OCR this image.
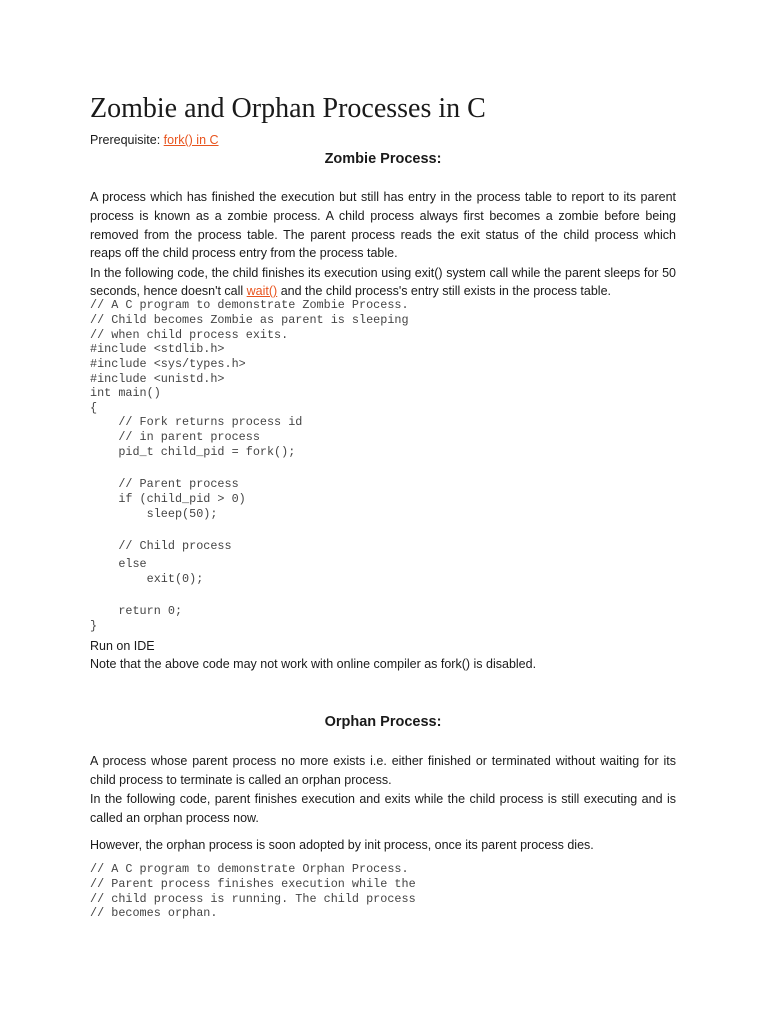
Zombie and Orphan Processes in C
Prerequisite: fork() in C
Zombie Process:

A process which has finished the execution but still has entry in the process table to report to its parent process is known as a zombie process. A child process always first becomes a zombie before being removed from the process table. The parent process reads the exit status of the child process which reaps off the child process entry from the process table.

In the following code, the child finishes its execution using exit() system call while the parent sleeps for 50 seconds, hence doesn't call wait() and the child process's entry still exists in the process table.

// A C program to demonstrate Zombie Process.

// Child becomes Zombie as parent is sleeping

// when child process exits.

#include <stdlib.h>

#include <sys/types.h>

#include <unistd.h>

int main()

{

// Fork returns process id

// in parent process

pid_t child_pid = fork();

// Parent process

if (child_pid > 0)

sleep(50);

// Child process

else

exit(0);

return 0;

}

Run on IDE
Note that the above code may not work with online compiler as fork() is disabled.
Orphan Process:

A process whose parent process no more exists i.e. either finished or terminated without waiting for its child process to terminate is called an orphan process.

In the following code, parent finishes execution and exits while the child process is still executing and is called an orphan process now.

However, the orphan process is soon adopted by init process, once its parent process dies.

// A C program to demonstrate Orphan Process.

// Parent process finishes execution while the

// child process is running. The child process

// becomes orphan.
